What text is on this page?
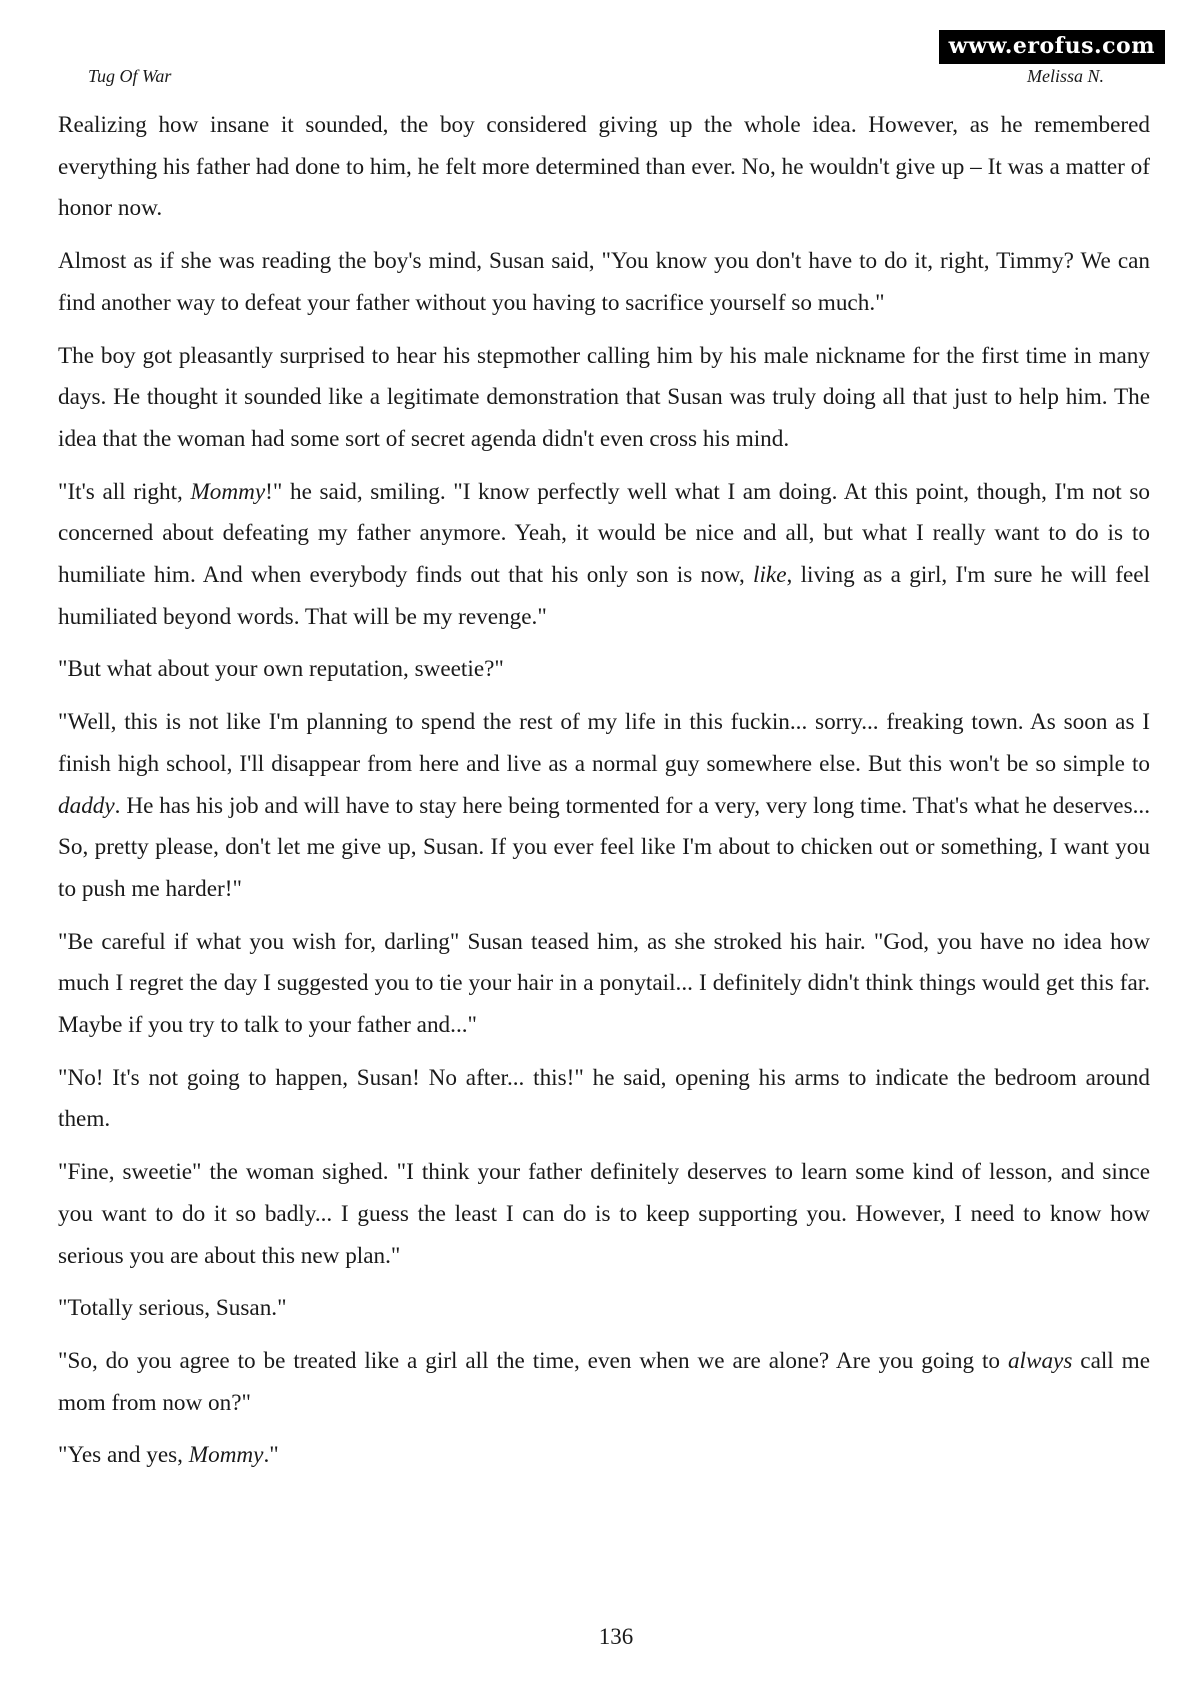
www.erofus.com
Tug Of War	Melissa N.

Realizing how insane it sounded, the boy considered giving up the whole idea. However, as he remembered everything his father had done to him, he felt more determined than ever. No, he wouldn't give up – It was a matter of honor now.

Almost as if she was reading the boy's mind, Susan said, "You know you don't have to do it, right, Timmy? We can find another way to defeat your father without you having to sacrifice yourself so much."

The boy got pleasantly surprised to hear his stepmother calling him by his male nickname for the first time in many days. He thought it sounded like a legitimate demonstration that Susan was truly doing all that just to help him. The idea that the woman had some sort of secret agenda didn't even cross his mind.

"It's all right, Mommy!" he said, smiling. "I know perfectly well what I am doing. At this point, though, I'm not so concerned about defeating my father anymore. Yeah, it would be nice and all, but what I really want to do is to humiliate him. And when everybody finds out that his only son is now, like, living as a girl, I'm sure he will feel humiliated beyond words. That will be my revenge."

"But what about your own reputation, sweetie?"

"Well, this is not like I'm planning to spend the rest of my life in this fuckin... sorry... freaking town. As soon as I finish high school, I'll disappear from here and live as a normal guy somewhere else. But this won't be so simple to daddy. He has his job and will have to stay here being tormented for a very, very long time. That's what he deserves... So, pretty please, don't let me give up, Susan. If you ever feel like I'm about to chicken out or something, I want you to push me harder!"

"Be careful if what you wish for, darling" Susan teased him, as she stroked his hair. "God, you have no idea how much I regret the day I suggested you to tie your hair in a ponytail... I definitely didn't think things would get this far. Maybe if you try to talk to your father and..."

"No! It's not going to happen, Susan! No after... this!" he said, opening his arms to indicate the bedroom around them.

"Fine, sweetie" the woman sighed. "I think your father definitely deserves to learn some kind of lesson, and since you want to do it so badly... I guess the least I can do is to keep supporting you. However, I need to know how serious you are about this new plan."

"Totally serious, Susan."

"So, do you agree to be treated like a girl all the time, even when we are alone? Are you going to always call me mom from now on?"

"Yes and yes, Mommy."

136
